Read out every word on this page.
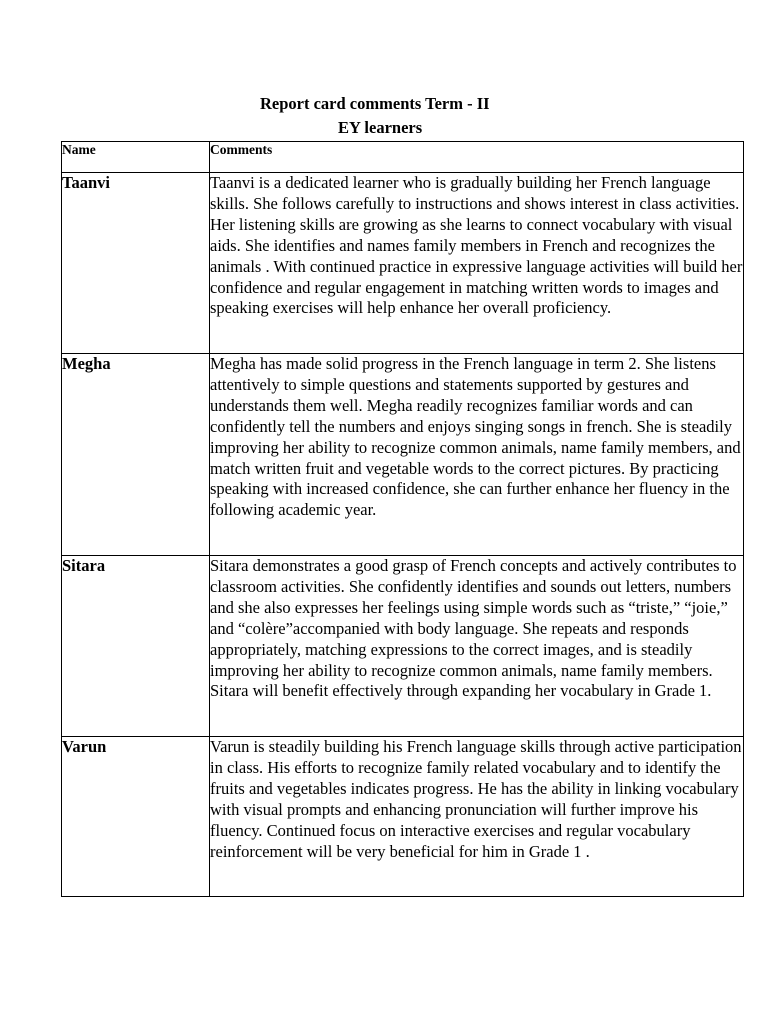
Report card comments Term - II
EY learners
Name	Comments
Taanvi	Taanvi is a dedicated learner who is gradually building her French language skills. She follows carefully to instructions and shows interest in class activities. Her listening skills are growing as she learns to connect vocabulary with visual aids. She identifies and names family members in French and recognizes the animals . With continued practice in expressive language activities will build her confidence and regular engagement in matching written words to images and speaking exercises will help enhance her overall proficiency.
Megha	Megha has made solid progress in the French language in term 2. She listens attentively to simple questions and statements supported by gestures and understands them well. Megha readily recognizes familiar words and can confidently tell the numbers and enjoys singing songs in french. She is steadily improving her ability to recognize common animals, name family members, and match written fruit and vegetable words to the correct pictures. By practicing speaking with increased confidence, she can further enhance her fluency in the following academic year.
Sitara	Sitara demonstrates a good grasp of French concepts and actively contributes to classroom activities. She confidently identifies and sounds out letters, numbers and she also expresses her feelings using simple words such as “triste,” “joie,” and “colère”accompanied with body language. She repeats and responds appropriately, matching expressions to the correct images, and is steadily improving her ability to recognize common animals, name family members. Sitara will benefit effectively through expanding her vocabulary in Grade 1.
Varun	Varun is steadily building his French language skills through active participation in class. His efforts to recognize family related vocabulary and to identify the fruits and vegetables indicates progress. He has the ability in linking vocabulary with visual prompts and enhancing pronunciation will further improve his fluency. Continued focus on interactive exercises and regular vocabulary reinforcement will be very beneficial for him in Grade 1 .
